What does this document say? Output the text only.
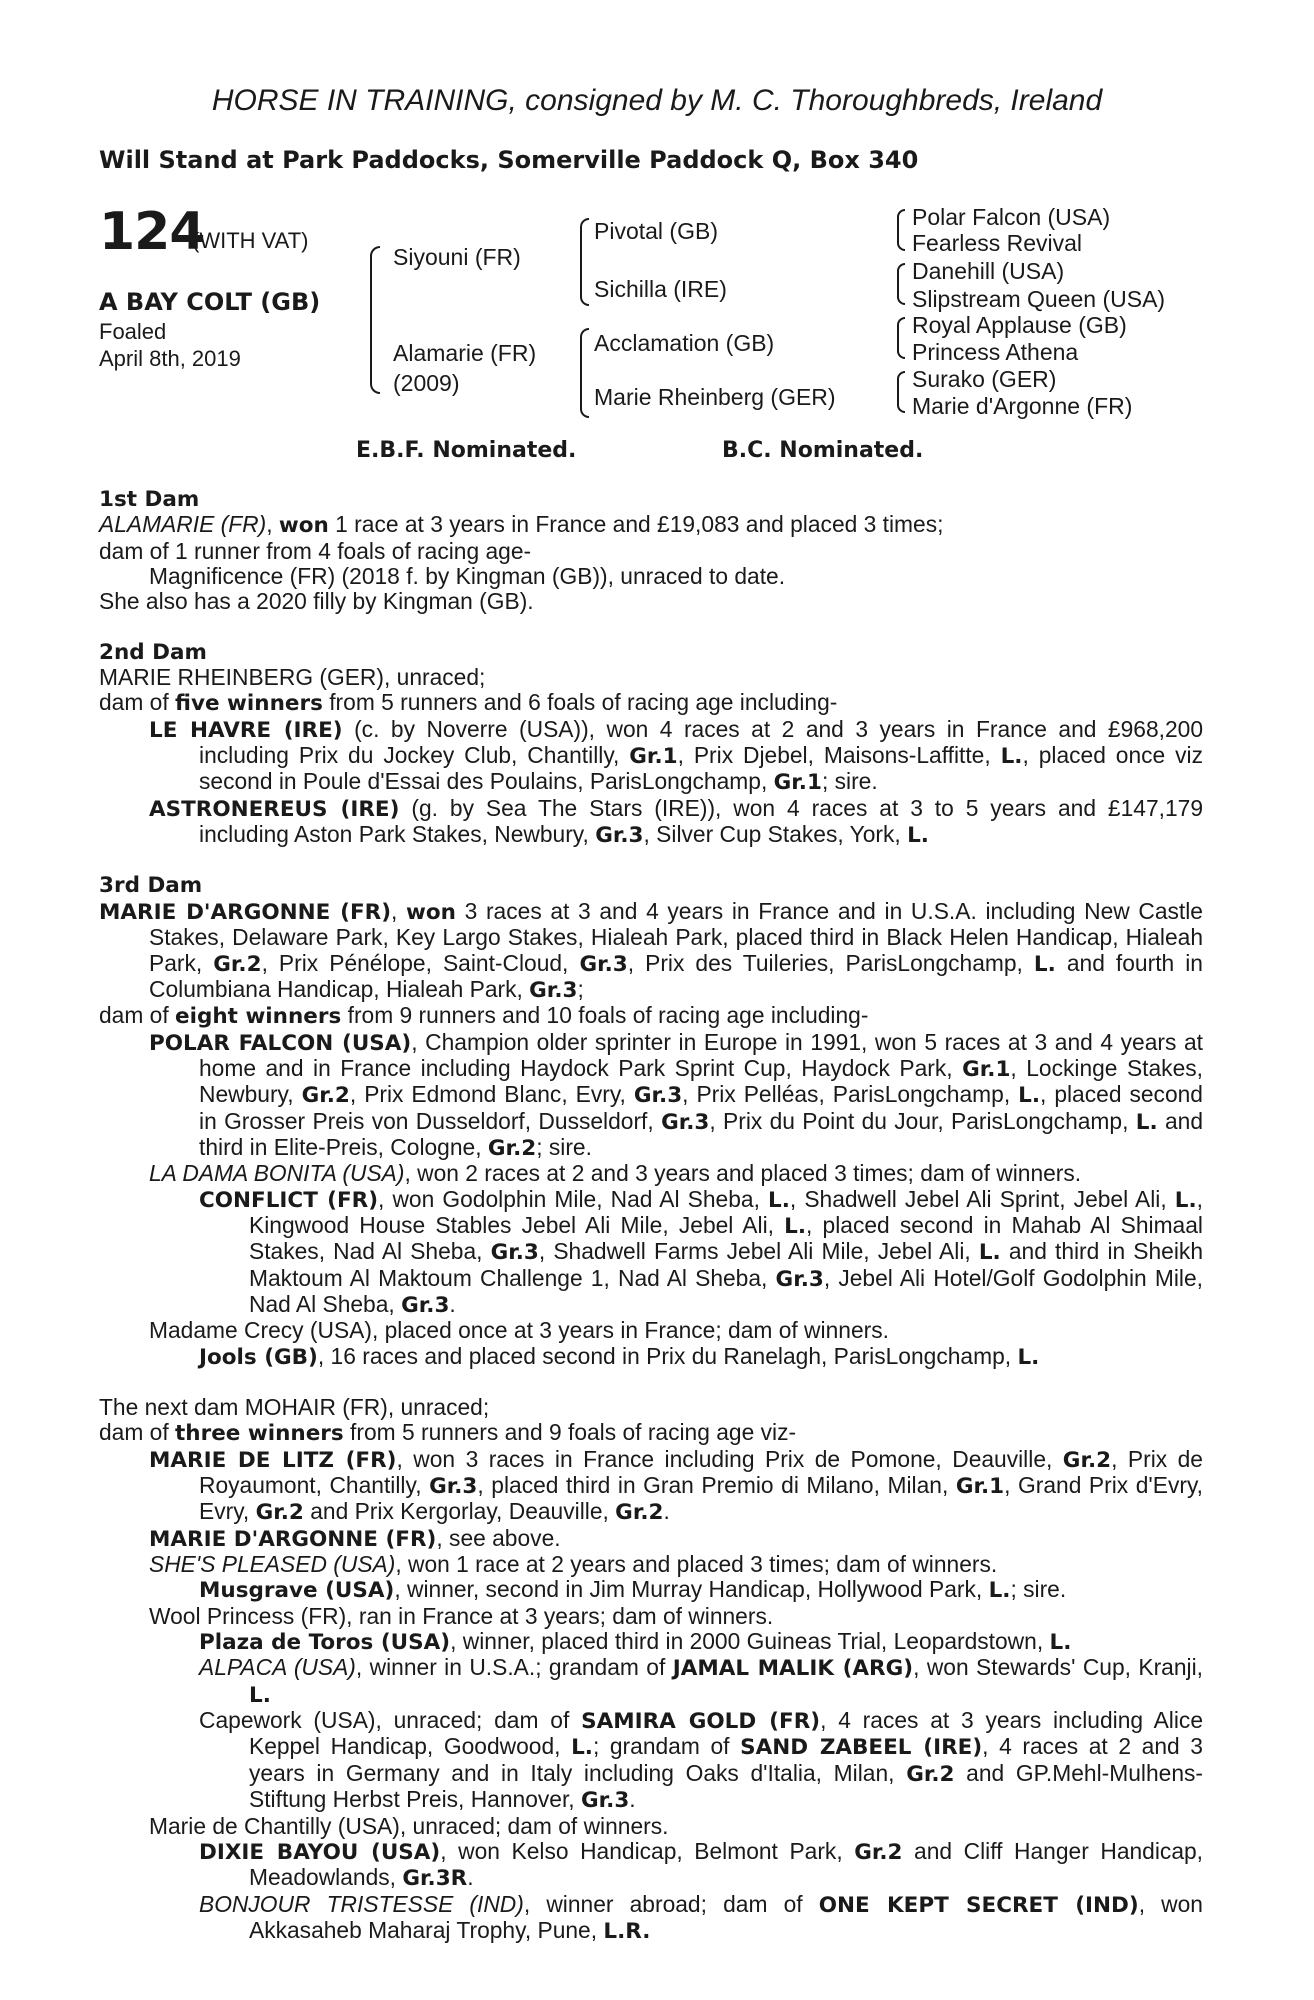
HORSE IN TRAINING, consigned by M. C. Thoroughbreds, Ireland
Will Stand at Park Paddocks, Somerville Paddock Q, Box 340
124
(WITH VAT)
A BAY COLT (GB)
Foaled
April 8th, 2019
Siyouni (FR)
Alamarie (FR)
(2009)
Pivotal (GB)
Sichilla (IRE)
Acclamation (GB)
Marie Rheinberg (GER)
Polar Falcon (USA)
Fearless Revival
Danehill (USA)
Slipstream Queen (USA)
Royal Applause (GB)
Princess Athena
Surako (GER)
Marie d'Argonne (FR)
E.B.F. Nominated.	B.C. Nominated.

1st Dam

ALAMARIE (FR), won 1 race at 3 years in France and £19,083 and placed 3 times;

dam of 1 runner from 4 foals of racing age-

Magnificence (FR) (2018 f. by Kingman (GB)), unraced to date.

She also has a 2020 filly by Kingman (GB).

2nd Dam

MARIE RHEINBERG (GER), unraced;

dam of five winners from 5 runners and 6 foals of racing age including-

LE HAVRE (IRE) (c. by Noverre (USA)), won 4 races at 2 and 3 years in France and £968,200 including Prix du Jockey Club, Chantilly, Gr.1, Prix Djebel, Maisons-Laffitte, L., placed once viz second in Poule d'Essai des Poulains, ParisLongchamp, Gr.1; sire.

ASTRONEREUS (IRE) (g. by Sea The Stars (IRE)), won 4 races at 3 to 5 years and £147,179 including Aston Park Stakes, Newbury, Gr.3, Silver Cup Stakes, York, L.

3rd Dam

MARIE D'ARGONNE (FR), won 3 races at 3 and 4 years in France and in U.S.A. including New Castle Stakes, Delaware Park, Key Largo Stakes, Hialeah Park, placed third in Black Helen Handicap, Hialeah Park, Gr.2, Prix Pénélope, Saint-Cloud, Gr.3, Prix des Tuileries, ParisLongchamp, L. and fourth in Columbiana Handicap, Hialeah Park, Gr.3;

dam of eight winners from 9 runners and 10 foals of racing age including-

POLAR FALCON (USA), Champion older sprinter in Europe in 1991, won 5 races at 3 and 4 years at home and in France including Haydock Park Sprint Cup, Haydock Park, Gr.1, Lockinge Stakes, Newbury, Gr.2, Prix Edmond Blanc, Evry, Gr.3, Prix Pelléas, ParisLongchamp, L., placed second in Grosser Preis von Dusseldorf, Dusseldorf, Gr.3, Prix du Point du Jour, ParisLongchamp, L. and third in Elite-Preis, Cologne, Gr.2; sire.

LA DAMA BONITA (USA), won 2 races at 2 and 3 years and placed 3 times; dam of winners.

CONFLICT (FR), won Godolphin Mile, Nad Al Sheba, L., Shadwell Jebel Ali Sprint, Jebel Ali, L., Kingwood House Stables Jebel Ali Mile, Jebel Ali, L., placed second in Mahab Al Shimaal Stakes, Nad Al Sheba, Gr.3, Shadwell Farms Jebel Ali Mile, Jebel Ali, L. and third in Sheikh Maktoum Al Maktoum Challenge 1, Nad Al Sheba, Gr.3, Jebel Ali Hotel/Golf Godolphin Mile, Nad Al Sheba, Gr.3.

Madame Crecy (USA), placed once at 3 years in France; dam of winners.

Jools (GB), 16 races and placed second in Prix du Ranelagh, ParisLongchamp, L.

The next dam MOHAIR (FR), unraced;

dam of three winners from 5 runners and 9 foals of racing age viz-

MARIE DE LITZ (FR), won 3 races in France including Prix de Pomone, Deauville, Gr.2, Prix de Royaumont, Chantilly, Gr.3, placed third in Gran Premio di Milano, Milan, Gr.1, Grand Prix d'Evry, Evry, Gr.2 and Prix Kergorlay, Deauville, Gr.2.

MARIE D'ARGONNE (FR), see above.

SHE'S PLEASED (USA), won 1 race at 2 years and placed 3 times; dam of winners.

Musgrave (USA), winner, second in Jim Murray Handicap, Hollywood Park, L.; sire.

Wool Princess (FR), ran in France at 3 years; dam of winners.

Plaza de Toros (USA), winner, placed third in 2000 Guineas Trial, Leopardstown, L.

ALPACA (USA), winner in U.S.A.; grandam of JAMAL MALIK (ARG), won Stewards' Cup, Kranji, L.

Capework (USA), unraced; dam of SAMIRA GOLD (FR), 4 races at 3 years including Alice Keppel Handicap, Goodwood, L.; grandam of SAND ZABEEL (IRE), 4 races at 2 and 3 years in Germany and in Italy including Oaks d'Italia, Milan, Gr.2 and GP.Mehl-Mulhens-Stiftung Herbst Preis, Hannover, Gr.3.

Marie de Chantilly (USA), unraced; dam of winners.

DIXIE BAYOU (USA), won Kelso Handicap, Belmont Park, Gr.2 and Cliff Hanger Handicap, Meadowlands, Gr.3R.

BONJOUR TRISTESSE (IND), winner abroad; dam of ONE KEPT SECRET (IND), won Akkasaheb Maharaj Trophy, Pune, L.R.
